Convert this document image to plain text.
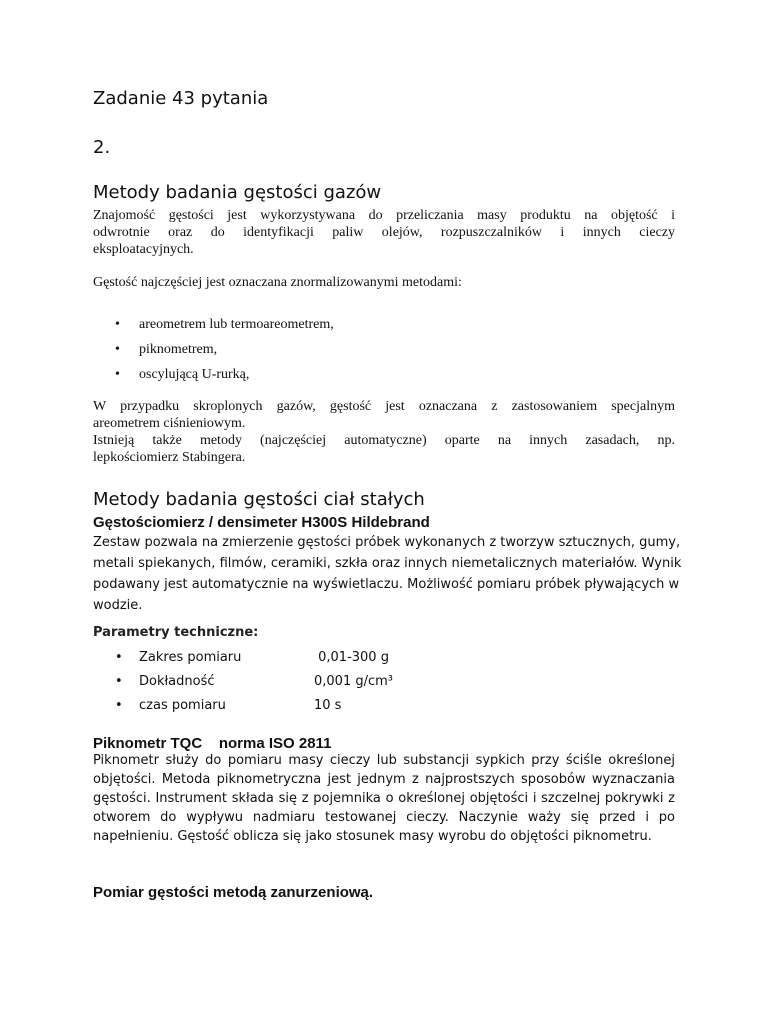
Zadanie 43 pytania
2.
Metody badania gęstości gazów
Znajomość gęstości jest wykorzystywana do przeliczania masy produktu na objętość i
odwrotnie oraz do identyfikacji paliw olejów, rozpuszczalników i innych cieczy
eksploatacyjnych.
Gęstość najczęściej jest oznaczana znormalizowanymi metodami:
• areometrem lub termoareometrem,
• piknometrem,
• oscylującą U-rurką,
W przypadku skroplonych gazów, gęstość jest oznaczana z zastosowaniem specjalnym
areometrem ciśnieniowym.
Istnieją także metody (najczęściej automatyczne) oparte na innych zasadach, np.
lepkościomierz Stabingera.
Metody badania gęstości ciał stałych
Gęstościomierz / densimeter H300S Hildebrand
Zestaw pozwala na zmierzenie gęstości próbek wykonanych z tworzyw sztucznych, gumy,
metali spiekanych, filmów, ceramiki, szkła oraz innych niemetalicznych materiałów. Wynik
podawany jest automatycznie na wyświetlaczu. Możliwość pomiaru próbek pływających w
wodzie.
Parametry techniczne:
• Zakres pomiaru	0,01-300 g
• Dokładność	0,001 g/cm³
• czas pomiaru	10 s
Piknometr TQC    norma ISO 2811
Piknometr służy do pomiaru masy cieczy lub substancji sypkich przy ściśle określonej
objętości. Metoda piknometryczna jest jednym z najprostszych sposobów wyznaczania
gęstości. Instrument składa się z pojemnika o określonej objętości i szczelnej pokrywki z
otworem do wypływu nadmiaru testowanej cieczy. Naczynie waży się przed i po
napełnieniu. Gęstość oblicza się jako stosunek masy wyrobu do objętości piknometru.
Pomiar gęstości metodą zanurzeniową.
